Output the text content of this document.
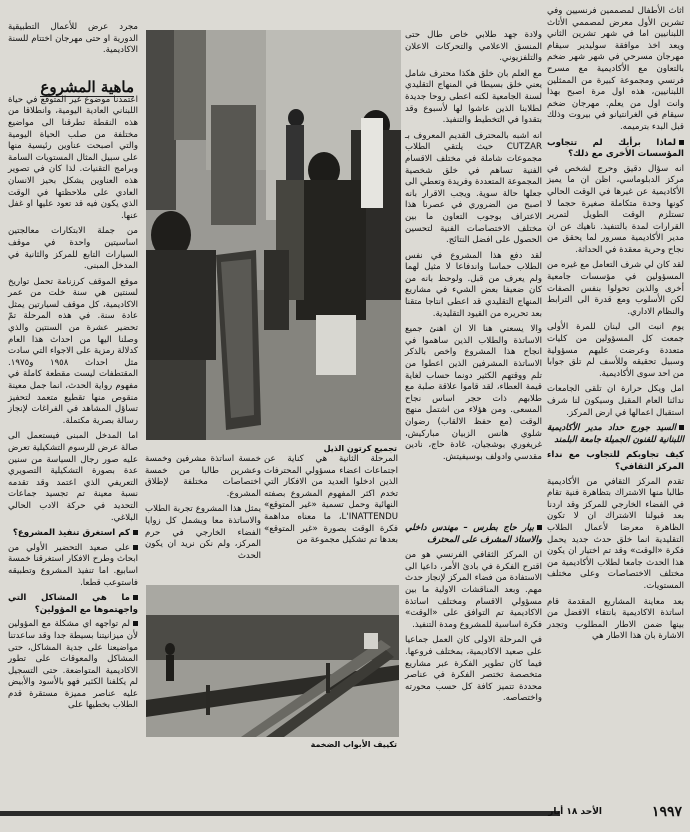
اثاث الأطفال لمصممين فرنسيين وفي تشرين الأول معرض لمصممي الأثاث اللبنانيين اما في شهر تشرين الثاني ويعد اخذ موافقة سوليدير سيقام مهرجان مسرحي في شهر شهر ضخم بالتعاون مع الأكاديمية مع مسرح فرنسي ومجموعة كبيرة من الممثلين اللبنانيين، هذه اول مرة اصبح بهذا وانت اول من يعلم. مهرجان ضخم سيقام في الغرانتيانو في بيروت وذلك قبل البدء بترميمه.

لماذا برأيك لم تتجاوب المؤسسات الأخرى مع ذلك؟

انه سؤال دقيق وحرج لشخص في مركز الدبلوماسي، اظن ان ما يميز الأكاديمية عن غيرها في الوقت الحالي كونها وحدة متكاملة صغيرة حجما لا تستلزم الوقت الطويل لتمرير القرارات لمدة بالتنفيذ. ناهيك عن ان مدير الأكاديمية مسرور لما يحقق من نجاح وحرية معقدة في الحداثة.

لقد كان لي شرف التعامل مع غيره من المسؤولين في مؤسسات جامعية أخرى والذين تحولوا بنفس الصفات لكن الأسلوب ومع قدرة الى الترابط والنظام الاداري.

يوم انبت الى لبنان للمرة الأولى جمعت كل المسؤولين من كليات متعددة وعرضت عليهم مسؤولية وسبيل تحقيقه وللأسف لم تلق جوابا من احد سوى الأكاديمية.

امل ويكل حرارة ان تلقى الجامعات ندائنا العام المقبل وسيكون لنا شرف استقبال اعمالها في ارض المركز.

السيد جورج حداد مدير الأكاديمية اللبنانية للفنون الجميلة جامعة البلمند

كيف تجاوبكم للتجاوب مع نداء المركز الثقافي؟

تقدم المركز الثقافي من الأكاديمية طالبا منها الاشتراك بتظاهرة فنية تقام في الفضاء الخارجي للمركز وقد اردنا بعد قبولنا الاشتراك ان لا تكون الظاهرة معرضا لأعمال الطلاب التقليدية انما خلق حدث جديد يحمل فكرة «الوقت» وقد تم اختيار ان يكون هذا الحدث جامعا لطلاب الأكاديمية من مختلف الاختصاصات وعلى مختلف المستويات.

بعد معاينة المشاريع المقدمة قام اساتذة الاكاديمية بانتقاء الافضل من بينها ضمن الاطار المطلوب وتجدر الاشارة بان هذا الاطار هي

ولادة جهد طلابي خاص طال حتى المنسق الاعلامي والتحركات الاعلان والتلفزيوني.

مع العلم بان خلق هكذا محترف شامل يعني خلق بسيطا في المنهاج التقليدي لسنة الجامعية لكنه اعطى روحا جديدة لطلابنا الذين عاشوا لها لأسبوع وقد بتقدوا في التخطيط والتنفيذ.

انه اشبه بالمحترف القديم المعروف بـ CUTZAR حيث يلتقي الطلاب مجموعات شاملة في مختلف الاقسام الفنية تساهم في خلق شخصية المجموعة المتعددة وفريدة وتعطي الى جعلها حالة سوية. ويجب الاقرار بانه اصبح من الضروري في عصرنا هذا الاعتراف بوجوب التعاون ما بين مختلف الاختصاصات الفنية لتحسين الحصول على افضل النتائج.

لقد دفع هذا المشروع في نفس الطلاب حماسا واندفاعا لا مثيل لهما ولم يعرف من قبل. ولوحظ بانه من كان ضعيفا بعض الشيء في مشاريع المنهاج التقليدي قد اعطى انتاجا متقنا بعد تحريره من القيود التقليدية.

والا يسعني هنا الا ان اهنئ جميع الاساتذة والطلاب الذين ساهموا في انجاح هذا المشروع واخص بالذكر الاساتذة المشرفين الذين اعطوا من تلم ووقتهم الكثير دونما حساب لغاية قيمة العطاء، لقد قاموا علاقة صلبة مع طلابهم ذات حجر اساس نجاح المسعى. ومن هؤلاء من اشتمل منهج الوقت (مع حفظ الالقاب) رضوان شلوي هانس الزبيان مباركيش، غريغوري بوشجيان، غادة حاج، نادين مقدسي وادولف بوسيفيتش.

بيار حاج بطرس – مهندس داخلي والاستاذ المشرف على المحترف

ان المركز الثقافي الفرنسي هو من اقترح الفكرة في بادئ الأمر، داعيا الى الاستفادة من فضاء المركز لإنجاز حدث مهم. وبعد المناقشات الاولية ما بين مسؤولي الاقسام ومختلف اساتذة الاكاديمية تم التوافق على «الوقت» فكرة اساسية للمشروع ومدة التنفيذ.

في المرحلة الاولى كان العمل جماعيا على صعيد الاكاديمية، بمختلف فروعها. فيما كان تطوير الفكرة عبر مشاريع متخصصة تختصر الفكرة في عناصر محددة تتميز كافة كل حسب محورته واختصاصه.

المرحلة الثانية هي كناية عن اجتماعات اعضاء مسؤولي المحترفات الذين ادخلوا العديد من الافكار التي تخدم اكثر المفهوم المشروع بصفته النهائية وحمل تسمية «غير المتوقع» L'INATTENDU، ما معناه مداهمة فكرة الوقت بصورة «غير المتوقع» بعدها تم تشكيل مجموعة من

خمسة اساتذة مشرفين وخمسة وعشرين طالبا من خمسة اختصاصات مختلفة لإطلاق المشروع.

يمثل هذا المشروع تجربة الطلاب والاساتذة معا ويشمل كل زوايا الفضاء الخارجي في حرم المركز، ولم نكن نريد ان يكون الحدث

مجرد عرض للأعمال التطبيقية الدورية او حتى مهرجان اختتام للسنة الاكاديمية.

اعتمدنا موضوع غير المتوقع في حياة اللبناني العادية اليومية، وانطلاقا من هذه النقطة تطرقنا الى مواضيع مختلفة من صلب الحياة اليومية والتي اصبحت عناوين رئيسية منها على سبيل المثال المستويات السامة وبرامج التقنيات. لذا كان في تصوير هذه العناوين يشكل بحيز الانسان العادي على ملاحظتها في الوقت الذي يكون فيه قد تعود عليها او غفل عنها.

من جملة الابتكارات معالجتين اساسيتين واحدة في موقف السيارات التابع للمركز والثانية في المدخل المبنى.

موقع الموقف كرزنامة تحمل تواريخ لسنتين هي سنة خلت من عمر الاكاديمية، كل موقف لسيارتين يمثل عادة سنة. في هذه المرحلة تمّ تحضير عشرة من السنتين والذي وصلنا اليها من احداث هذا العام كدلالة رمزية على الاجواء التي سادت مثل احداث ١٩٥٨ و١٩٧٥. المقتطفات ليست مقطعة كاملة في مفهوم رواية الحدث، انما جمل معينة منقوص منها تقطيع متعمد لتحفيز تساؤل المشاهد في الفراغات لإنجاز رسالة بصرية مكتملة.

اما المدخل المبنى فيستعمل الى صالة عرض للرسوم التشكيلية تعرض عليه صور رجال السياسة من سنين عدة بصورة التشكيلية التصويري التعريفي الذي اعتمد وقد تقدمه نسبة معينة تم تجسيد جماعات التحديد في حركة الادب الحالي البلاغي.

كم استغرق تنفيذ المشروع؟

على صعيد التحضير الأولي من ابحاث وطرح الافكار استغرقنا خمسة اسابيع. اما تنفيذ المشروع وتطبيقه فاستوعب قطعا.

ما هي المشاكل التي واجهتموها مع المؤولين؟

لم تواجهه اي مشكلة مع المؤولين لأن ميزانيتنا بسيطة جدا وقد ساعدتنا مواضيعنا على جدية المشاكل، حتى المشاكل والمعوقات على تطور الاكاديمية المتواضعة. حتى التسجيل لم يكلفنا الكثير فهو بالأسود والأبيض عليه عناصر مميزة مستقرة قدم الطلاب بخطيها على

ماهية المشروع
تجميع كرتون الذيل
تكييف الأبواب الضخمة
الأحد ١٨ أيار	١٩٩٧
